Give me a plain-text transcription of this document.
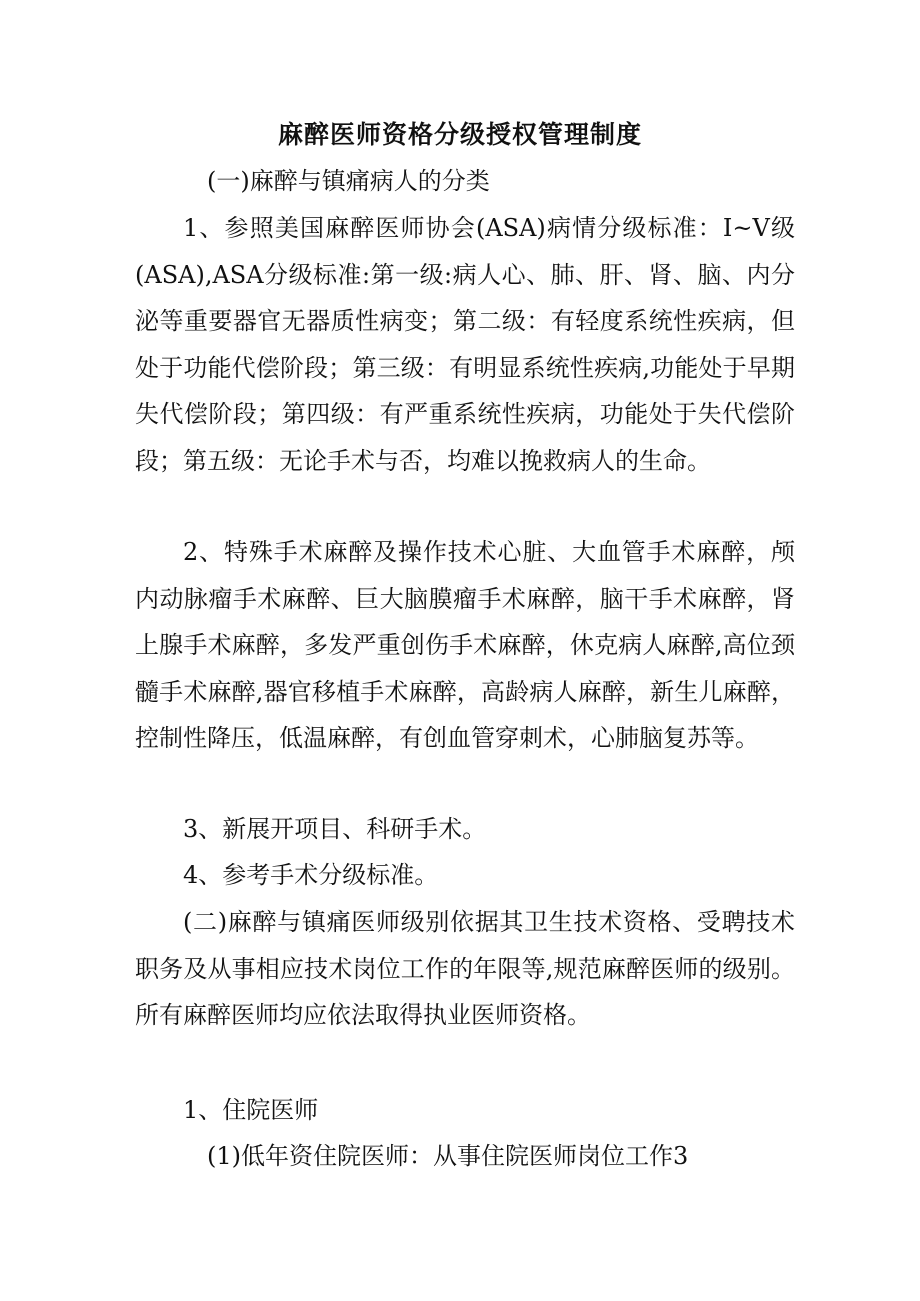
麻醉医师资格分级授权管理制度

(一)麻醉与镇痛病人的分类

1、参照美国麻醉医师协会(ASA)病情分级标准：I~V级(ASA),ASA分级标准:第一级:病人心、肺、肝、肾、脑、内分泌等重要器官无器质性病变；第二级：有轻度系统性疾病，但处于功能代偿阶段；第三级：有明显系统性疾病,功能处于早期失代偿阶段；第四级：有严重系统性疾病，功能处于失代偿阶段；第五级：无论手术与否，均难以挽救病人的生命。

2、特殊手术麻醉及操作技术心脏、大血管手术麻醉，颅内动脉瘤手术麻醉、巨大脑膜瘤手术麻醉，脑干手术麻醉，肾上腺手术麻醉，多发严重创伤手术麻醉，休克病人麻醉,高位颈髓手术麻醉,器官移植手术麻醉，高龄病人麻醉，新生儿麻醉，控制性降压，低温麻醉，有创血管穿刺术，心肺脑复苏等。

3、新展开项目、科研手术。

4、参考手术分级标准。

(二)麻醉与镇痛医师级别依据其卫生技术资格、受聘技术职务及从事相应技术岗位工作的年限等,规范麻醉医师的级别。所有麻醉医师均应依法取得执业医师资格。

1、住院医师

(1)低年资住院医师：从事住院医师岗位工作3
